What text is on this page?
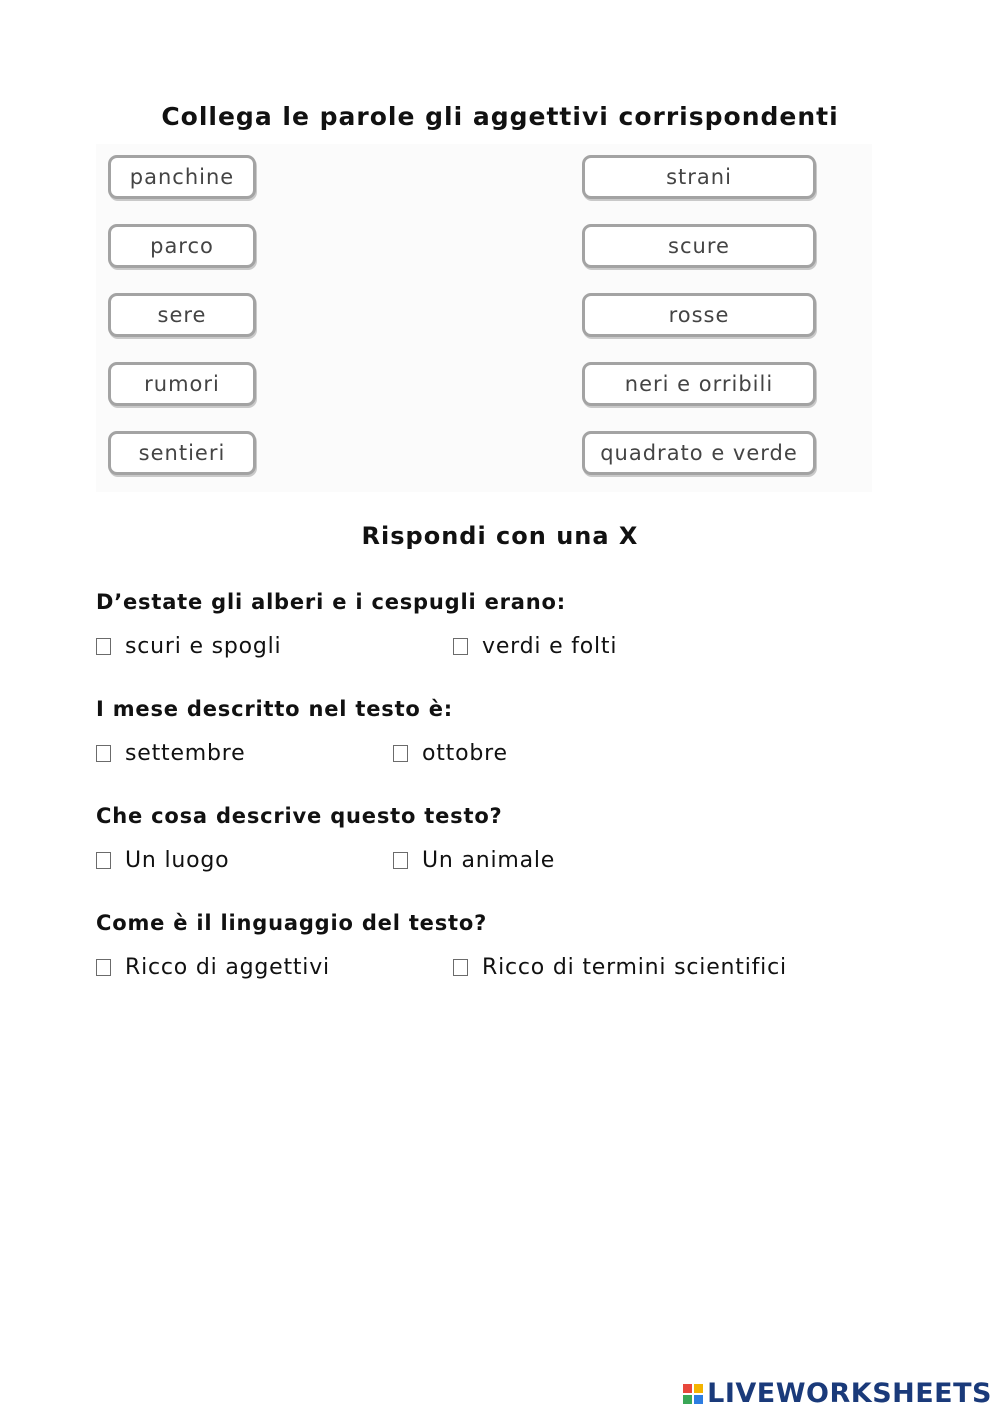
Collega le parole gli aggettivi corrispondenti
panchine
parco
sere
rumori
sentieri
strani
scure
rosse
neri e orribili
quadrato e verde
Rispondi con una X
D’estate gli alberi e i cespugli erano:
scuri e spogli	verdi e folti
I mese descritto nel testo è:
settembre	ottobre
Che cosa descrive questo testo?
Un luogo	Un animale
Come è il linguaggio del testo?
Ricco di aggettivi	Ricco di termini scientifici
LIVEWORKSHEETS
